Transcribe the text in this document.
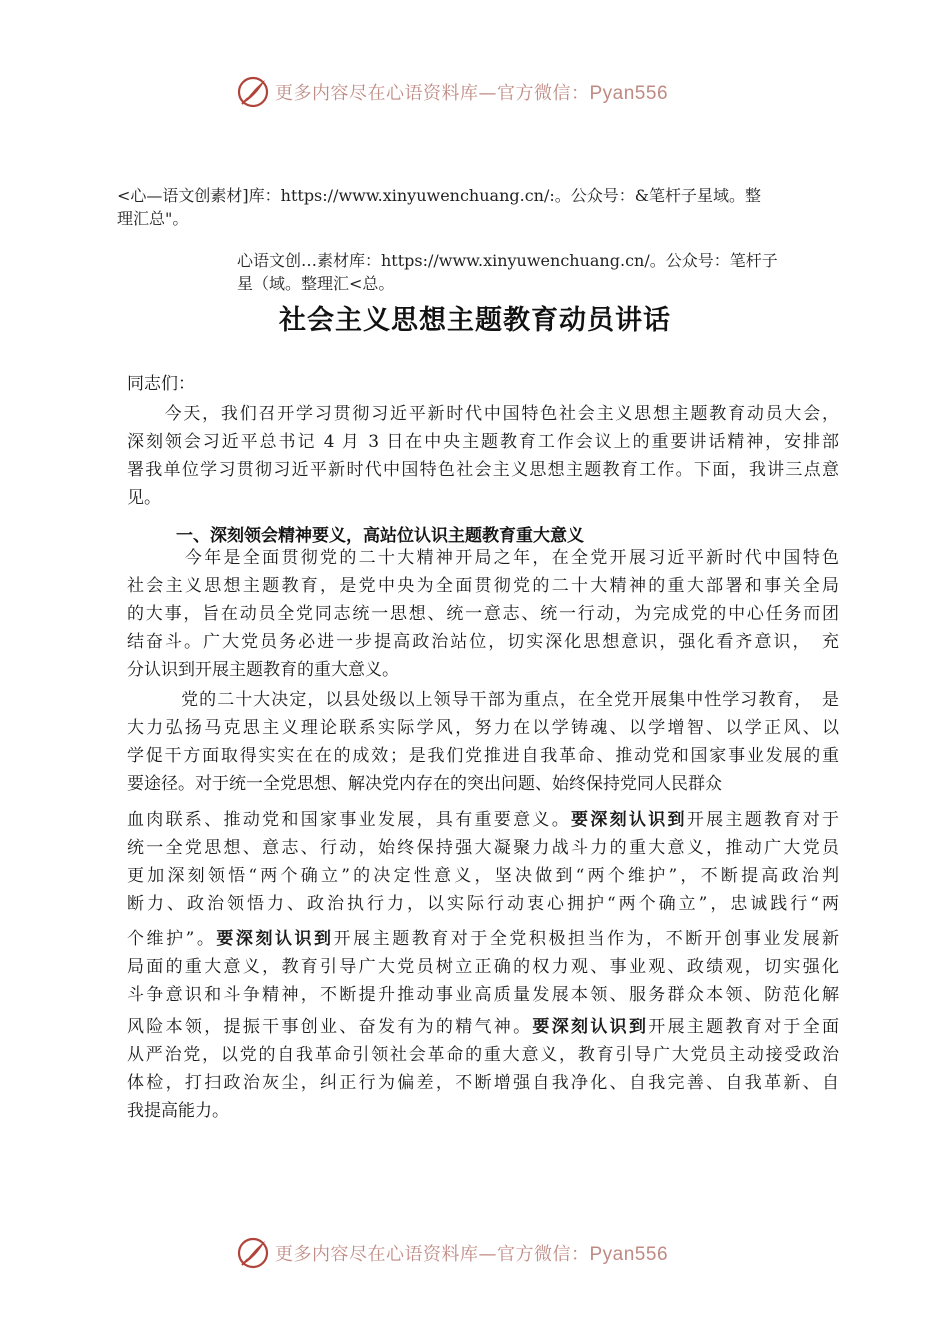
更多内容尽在心语资料库—官方微信：Pyan556
<心—语文创素材]库：https://www.xinyuwenchuang.cn/:。公众号：&笔杆子星域。整
理汇总"。
心语文创…素材库：https://www.xinyuwenchuang.cn/。公众号：笔杆子
星（域。整理汇<总。
社会主义思想主题教育动员讲话
同志们：
　　今天，我们召开学习贯彻习近平新时代中国特色社会主义思想主题教育动员大会，
深刻领会习近平总书记 4 月 3 日在中央主题教育工作会议上的重要讲话精神，安排部
署我单位学习贯彻习近平新时代中国特色社会主义思想主题教育工作。下面，我讲三点意
见。
一、深刻领会精神要义，高站位认识主题教育重大意义
　　　今年是全面贯彻党的二十大精神开局之年，在全党开展习近平新时代中国特色
社会主义思想主题教育，是党中央为全面贯彻党的二十大精神的重大部署和事关全局
的大事，旨在动员全党同志统一思想、统一意志、统一行动，为完成党的中心任务而团
结奋斗。广大党员务必进一步提高政治站位，切实深化思想意识，强化看齐意识，　充
分认识到开展主题教育的重大意义。
　　　党的二十大决定，以县处级以上领导干部为重点，在全党开展集中性学习教育，　是
大力弘扬马克思主义理论联系实际学风，努力在以学铸魂、以学增智、以学正风、以
学促干方面取得实实在在的成效；是我们党推进自我革命、推动党和国家事业发展的重
要途径。对于统一全党思想、解决党内存在的突出问题、始终保持党同人民群众
血肉联系、推动党和国家事业发展，具有重要意义。要深刻认识到开展主题教育对于
统一全党思想、意志、行动，始终保持强大凝聚力战斗力的重大意义，推动广大党员
更加深刻领悟“两个确立”的决定性意义，坚决做到“两个维护”，不断提高政治判
断力、政治领悟力、政治执行力，以实际行动衷心拥护“两个确立”，忠诚践行“两
个维护”。要深刻认识到开展主题教育对于全党积极担当作为，不断开创事业发展新
局面的重大意义，教育引导广大党员树立正确的权力观、事业观、政绩观，切实强化
斗争意识和斗争精神，不断提升推动事业高质量发展本领、服务群众本领、防范化解
风险本领，提振干事创业、奋发有为的精气神。要深刻认识到开展主题教育对于全面
从严治党，以党的自我革命引领社会革命的重大意义，教育引导广大党员主动接受政治
体检，打扫政治灰尘，纠正行为偏差，不断增强自我净化、自我完善、自我革新、自
我提高能力。
更多内容尽在心语资料库—官方微信：Pyan556
